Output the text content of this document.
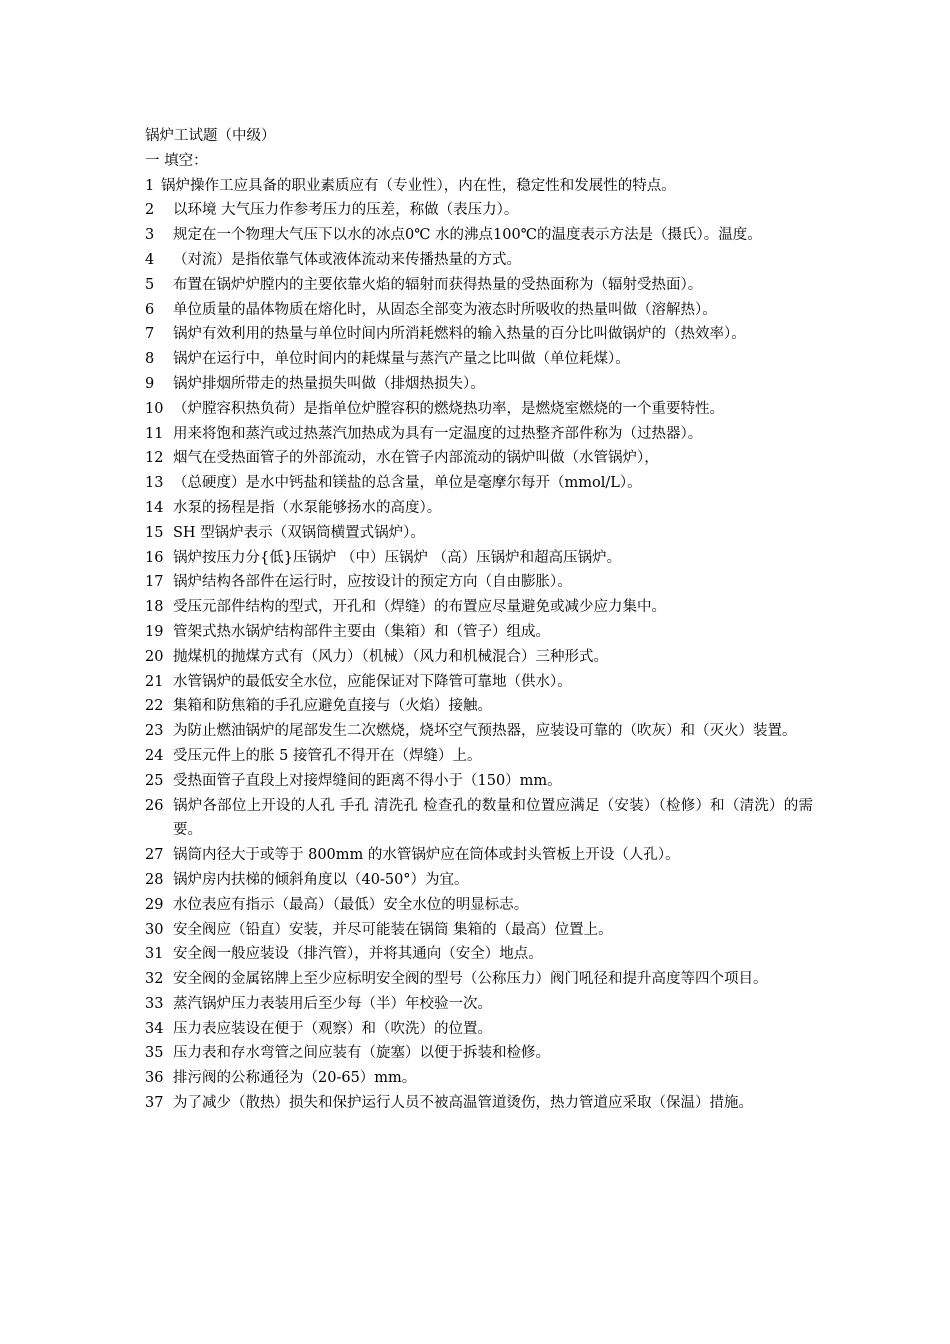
锅炉工试题（中级）
一 填空：
1 锅炉操作工应具备的职业素质应有（专业性），内在性，稳定性和发展性的特点。
2	以环境 大气压力作参考压力的压差，称做（表压力）。
3	规定在一个物理大气压下以水的冰点0℃ 水的沸点100℃的温度表示方法是（摄氏）。温度。
4	（对流）是指依靠气体或液体流动来传播热量的方式。
5	布置在锅炉炉膛内的主要依靠火焰的辐射而获得热量的受热面称为（辐射受热面）。
6	单位质量的晶体物质在熔化时，从固态全部变为液态时所吸收的热量叫做（溶解热）。
7	锅炉有效利用的热量与单位时间内所消耗燃料的输入热量的百分比叫做锅炉的（热效率）。
8	锅炉在运行中，单位时间内的耗煤量与蒸汽产量之比叫做（单位耗煤）。
9	锅炉排烟所带走的热量损失叫做（排烟热损失）。
10 （炉膛容积热负荷）是指单位炉膛容积的燃烧热功率，是燃烧室燃烧的一个重要特性。
11 用来将饱和蒸汽或过热蒸汽加热成为具有一定温度的过热整齐部件称为（过热器）。
12 烟气在受热面管子的外部流动，水在管子内部流动的锅炉叫做（水管锅炉），
13 （总硬度）是水中钙盐和镁盐的总含量，单位是毫摩尔每开（mmol/L）。
14 水泵的扬程是指（水泵能够扬水的高度）。
15 SH 型锅炉表示（双锅筒横置式锅炉）。
16 锅炉按压力分{低}压锅炉 （中）压锅炉 （高）压锅炉和超高压锅炉。
17 锅炉结构各部件在运行时，应按设计的预定方向（自由膨胀）。
18 受压元部件结构的型式，开孔和（焊缝）的布置应尽量避免或减少应力集中。
19 管架式热水锅炉结构部件主要由（集箱）和（管子）组成。
20 抛煤机的抛煤方式有（风力）（机械）（风力和机械混合）三种形式。
21 水管锅炉的最低安全水位，应能保证对下降管可靠地（供水）。
22 集箱和防焦箱的手孔应避免直接与（火焰）接触。
23 为防止燃油锅炉的尾部发生二次燃烧，烧坏空气预热器，应装设可靠的（吹灰）和（灭火）装置。
24 受压元件上的胀 5 接管孔不得开在（焊缝）上。
25 受热面管子直段上对接焊缝间的距离不得小于（150）mm。
26 锅炉各部位上开设的人孔 手孔 清洗孔 检查孔的数量和位置应满足（安装）（检修）和（清洗）的需要。
27 锅筒内径大于或等于 800mm 的水管锅炉应在筒体或封头管板上开设（人孔）。
28 锅炉房内扶梯的倾斜角度以（40-50°）为宜。
29 水位表应有指示（最高）（最低）安全水位的明显标志。
30 安全阀应（铅直）安装，并尽可能装在锅筒 集箱的（最高）位置上。
31 安全阀一般应装设（排汽管），并将其通向（安全）地点。
32 安全阀的金属铭牌上至少应标明安全阀的型号（公称压力）阀门吼径和提升高度等四个项目。
33 蒸汽锅炉压力表装用后至少每（半）年校验一次。
34 压力表应装设在便于（观察）和（吹洗）的位置。
35 压力表和存水弯管之间应装有（旋塞）以便于拆装和检修。
36 排污阀的公称通径为（20-65）mm。
37 为了减少（散热）损失和保护运行人员不被高温管道烫伤，热力管道应采取（保温）措施。
